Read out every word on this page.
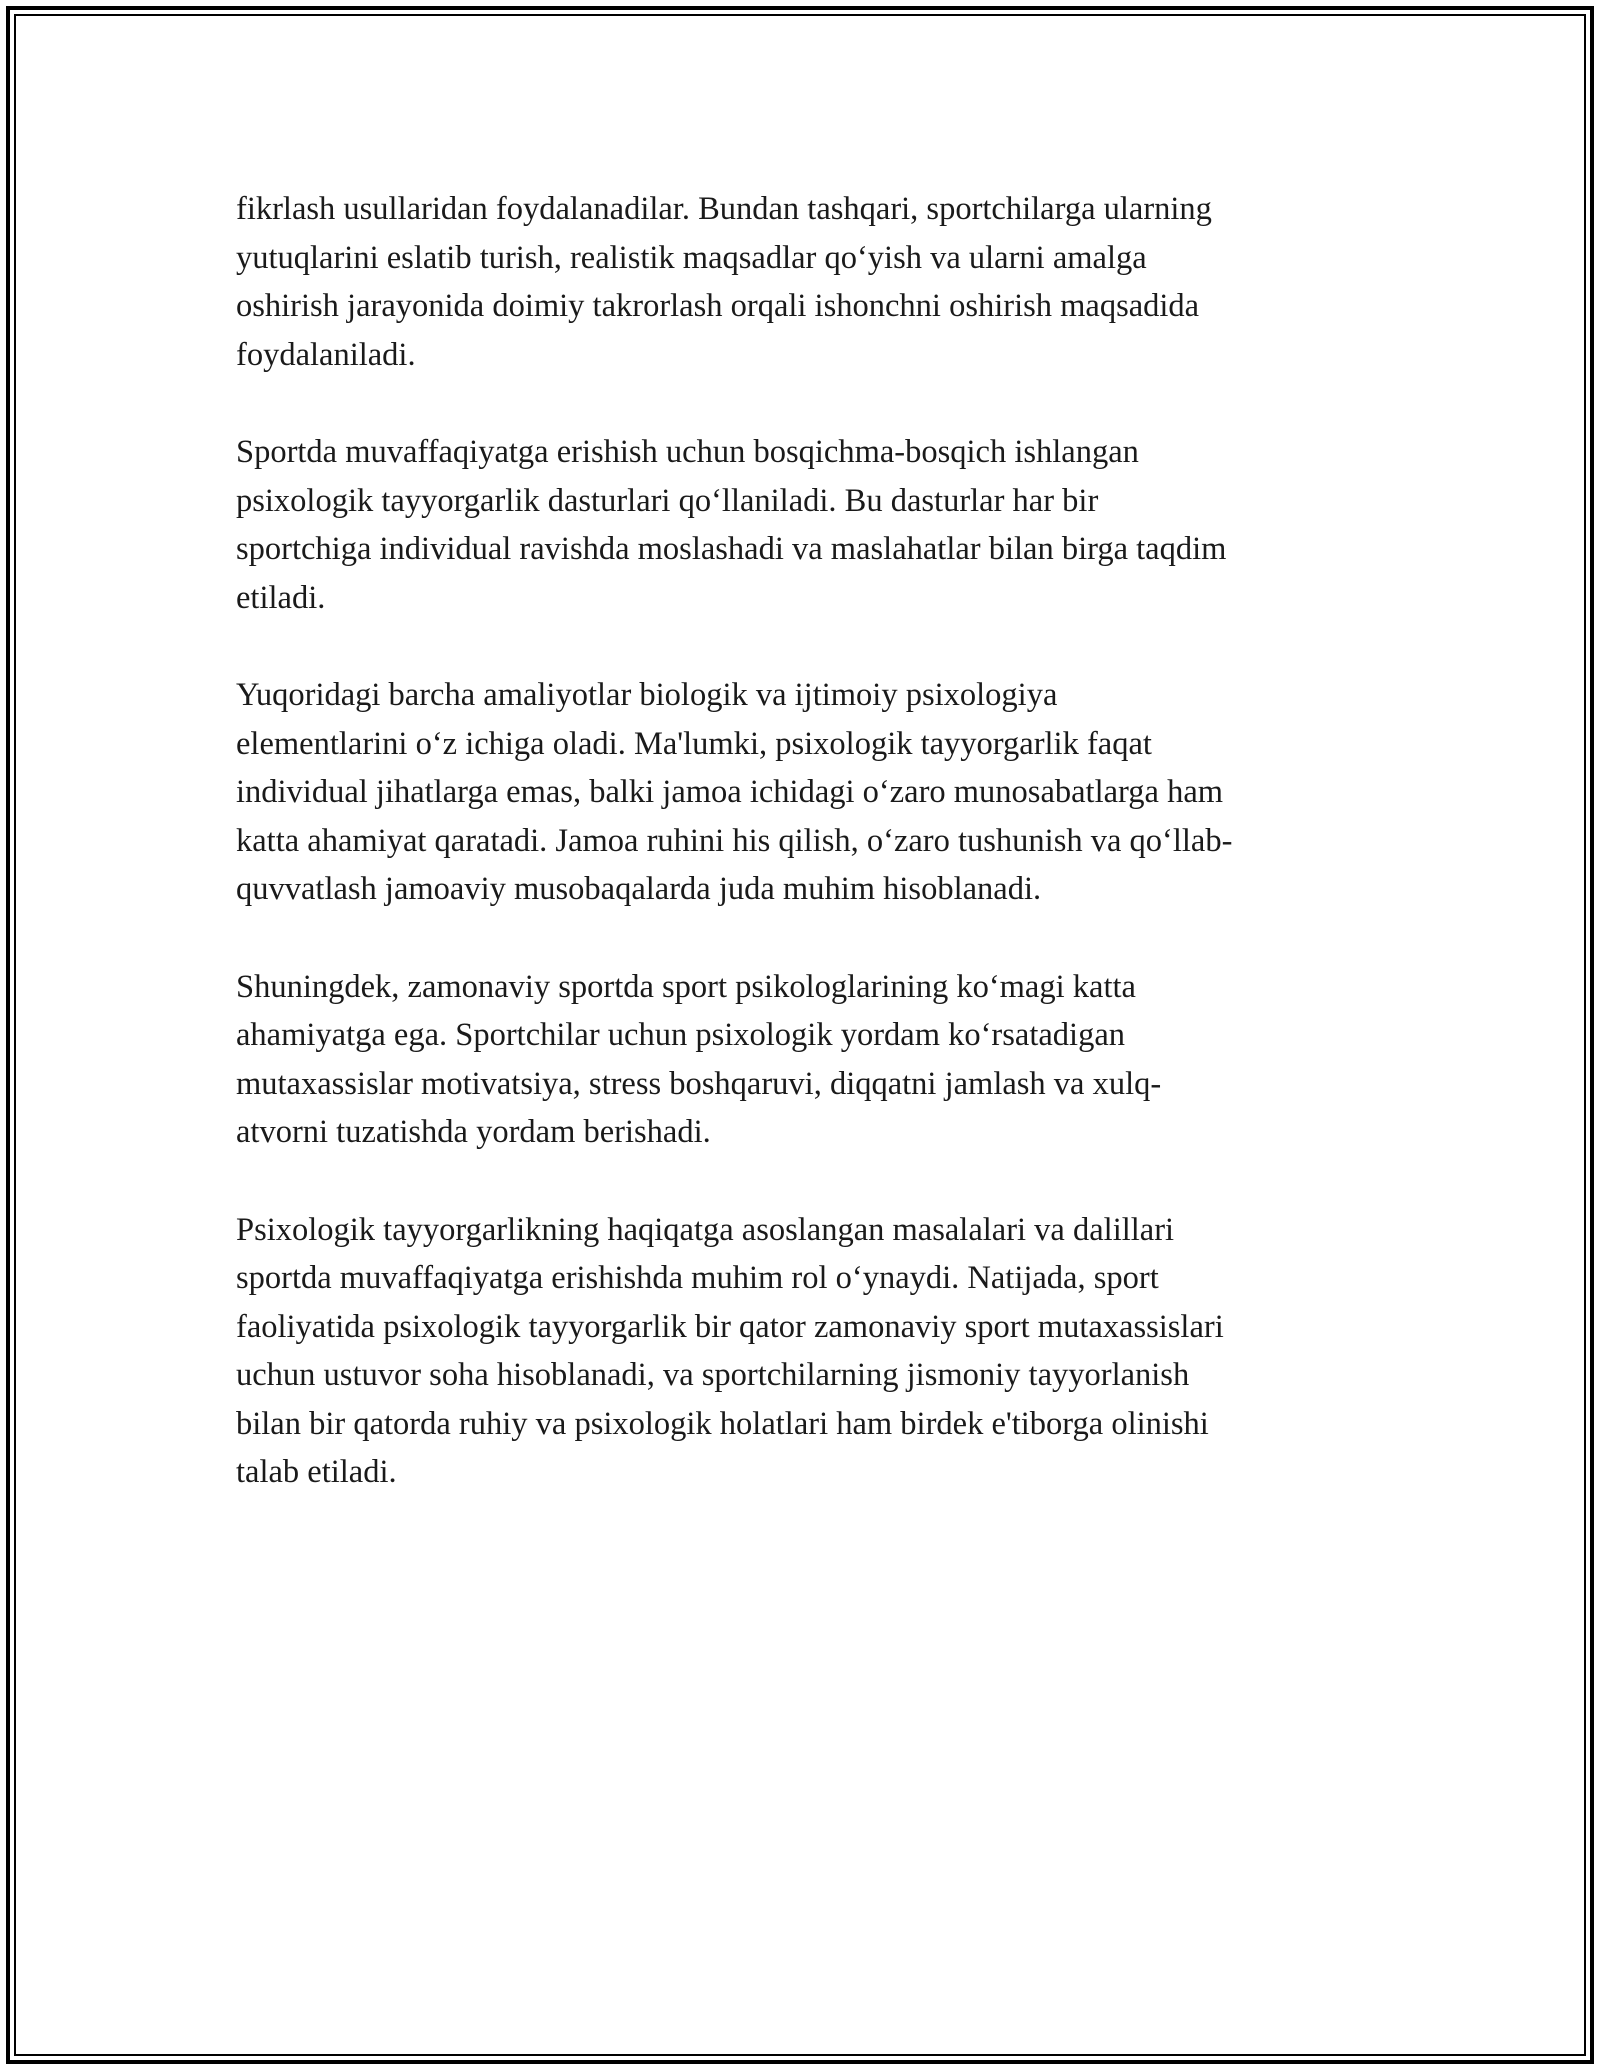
fikrlash usullaridan foydalanadilar. Bundan tashqari, sportchilarga ularning
yutuqlarini eslatib turish, realistik maqsadlar qo‘yish va ularni amalga
oshirish jarayonida doimiy takrorlash orqali ishonchni oshirish maqsadida
foydalaniladi.

Sportda muvaffaqiyatga erishish uchun bosqichma-bosqich ishlangan
psixologik tayyorgarlik dasturlari qo‘llaniladi. Bu dasturlar har bir
sportchiga individual ravishda moslashadi va maslahatlar bilan birga taqdim
etiladi.

Yuqoridagi barcha amaliyotlar biologik va ijtimoiy psixologiya
elementlarini o‘z ichiga oladi. Ma'lumki, psixologik tayyorgarlik faqat
individual jihatlarga emas, balki jamoa ichidagi o‘zaro munosabatlarga ham
katta ahamiyat qaratadi. Jamoa ruhini his qilish, o‘zaro tushunish va qo‘llab-
quvvatlash jamoaviy musobaqalarda juda muhim hisoblanadi.

Shuningdek, zamonaviy sportda sport psikologlarining ko‘magi katta
ahamiyatga ega. Sportchilar uchun psixologik yordam ko‘rsatadigan
mutaxassislar motivatsiya, stress boshqaruvi, diqqatni jamlash va xulq-
atvorni tuzatishda yordam berishadi.

Psixologik tayyorgarlikning haqiqatga asoslangan masalalari va dalillari
sportda muvaffaqiyatga erishishda muhim rol o‘ynaydi. Natijada, sport
faoliyatida psixologik tayyorgarlik bir qator zamonaviy sport mutaxassislari
uchun ustuvor soha hisoblanadi, va sportchilarning jismoniy tayyorlanish
bilan bir qatorda ruhiy va psixologik holatlari ham birdek e'tiborga olinishi
talab etiladi.
